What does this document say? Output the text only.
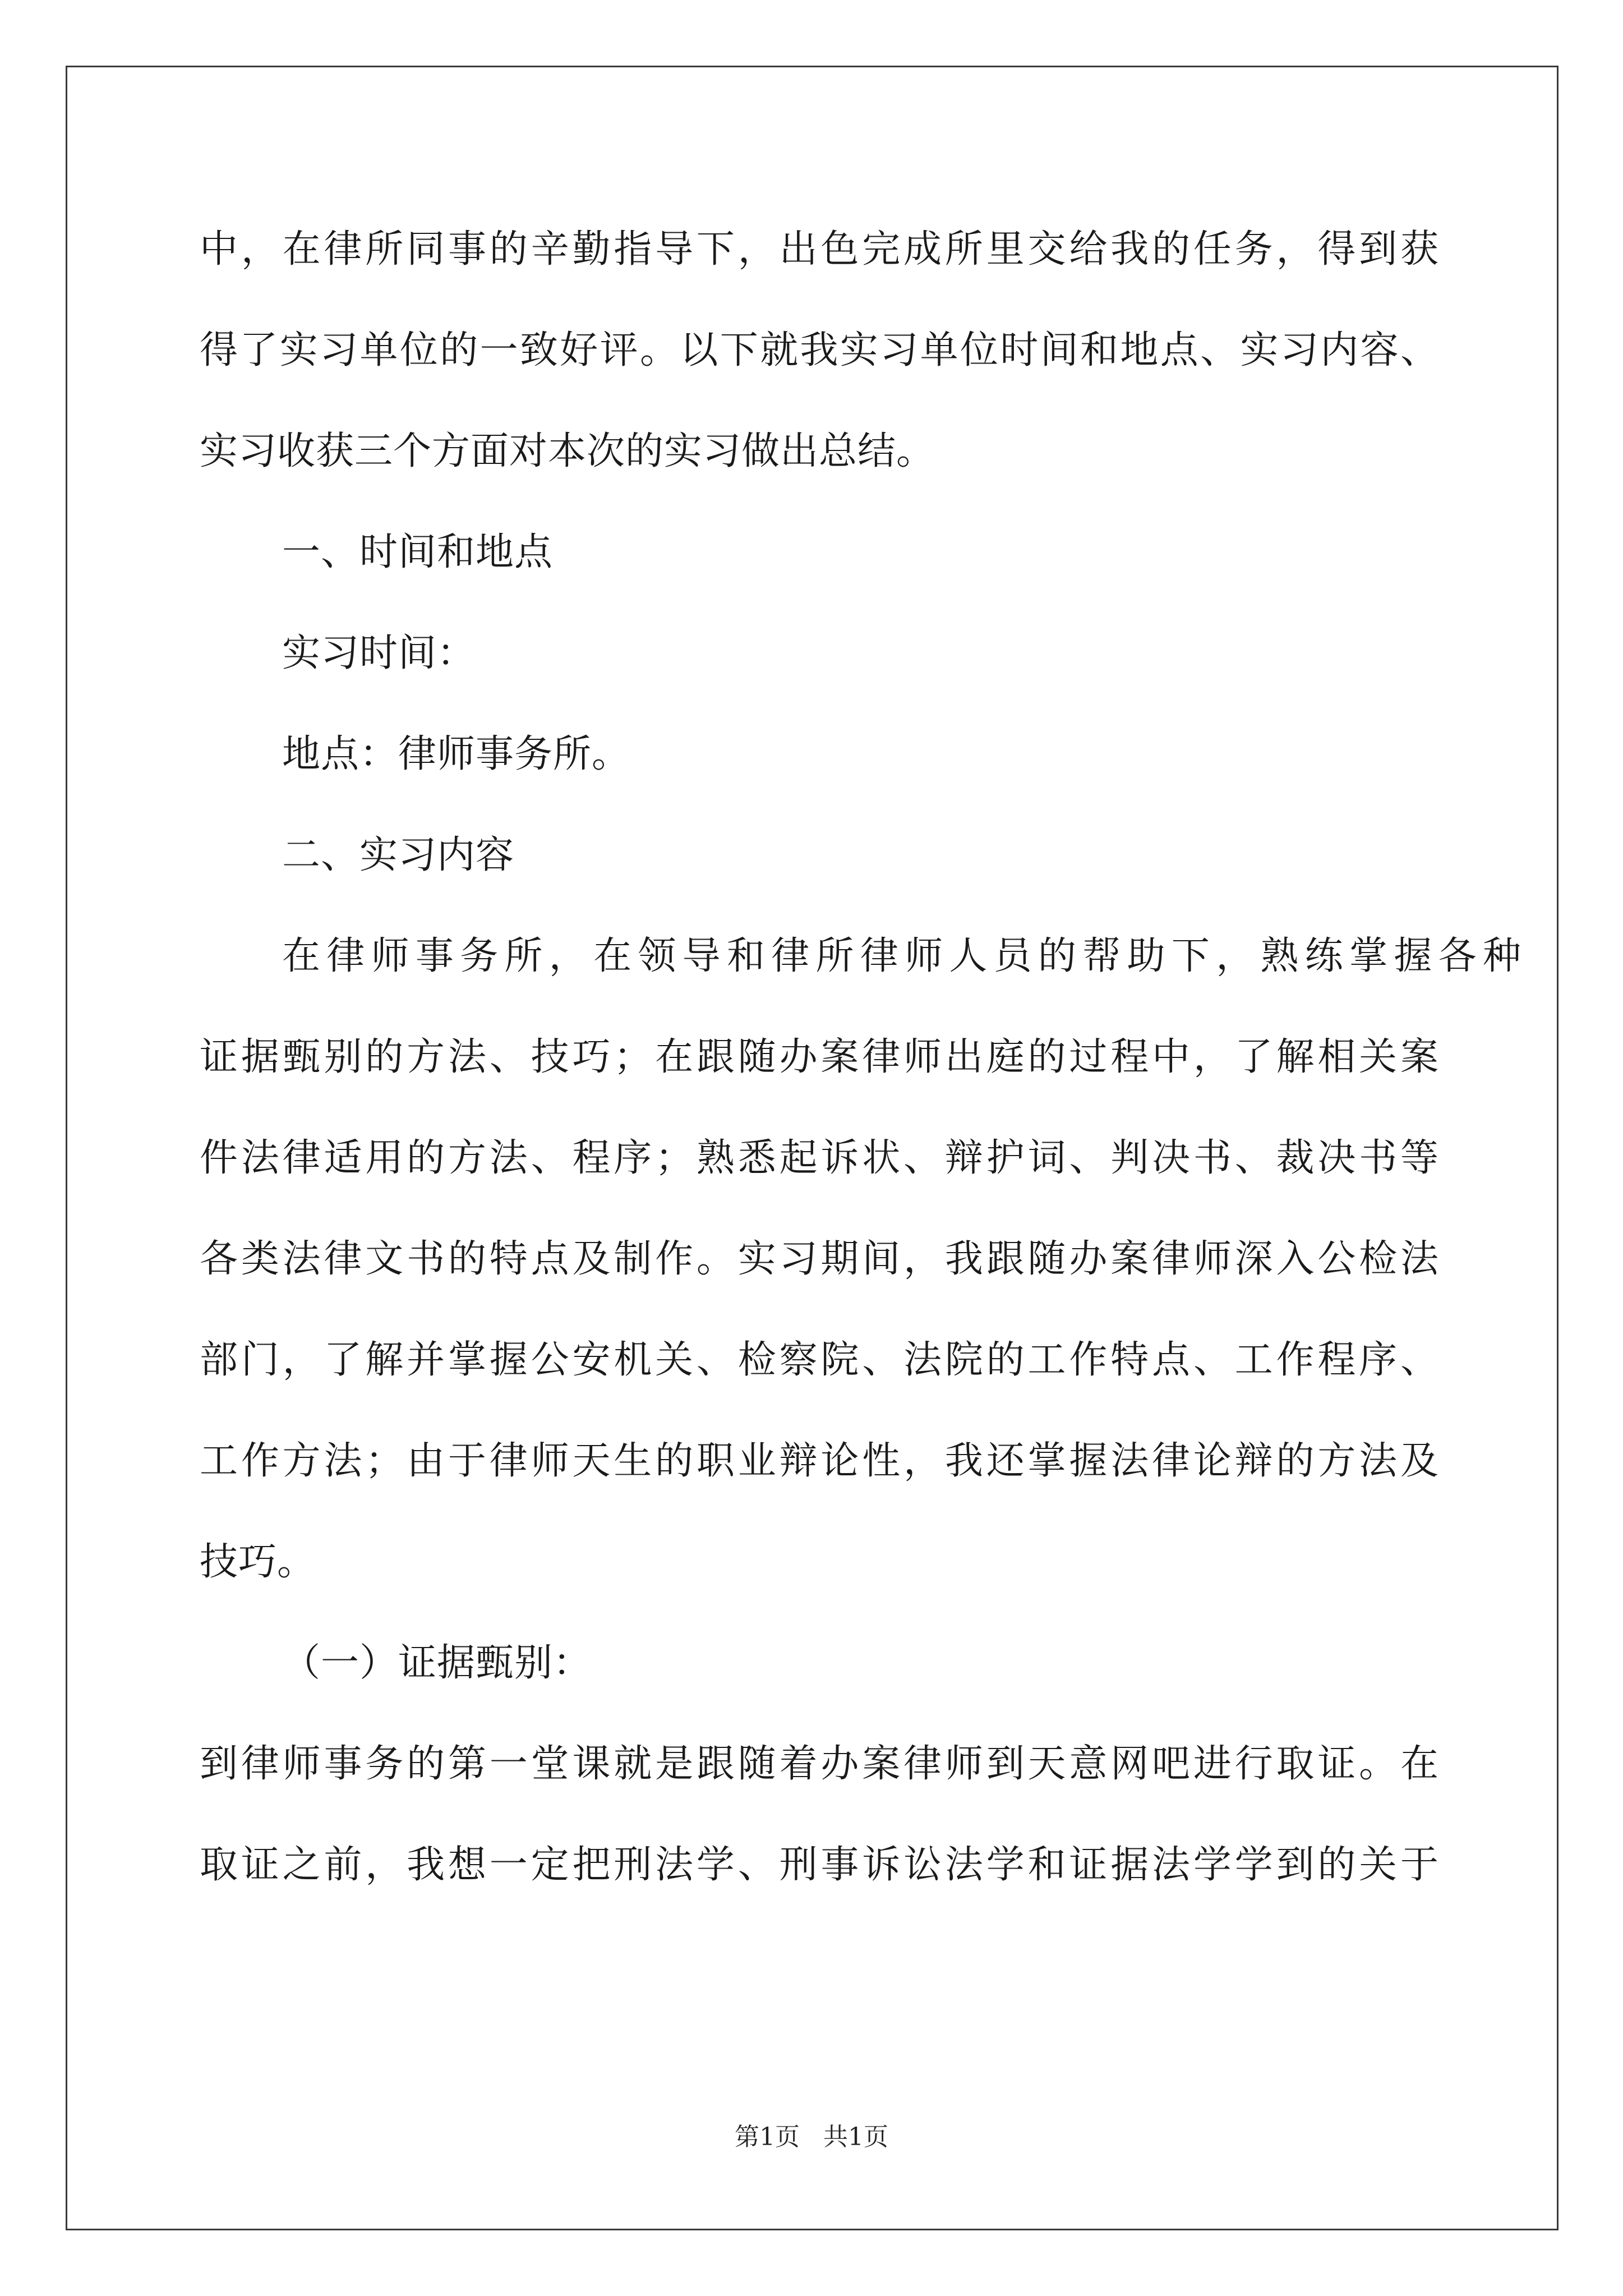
中，在律所同事的辛勤指导下，出色完成所里交给我的任务，得到获
得了实习单位的一致好评。以下就我实习单位时间和地点、实习内容、
实习收获三个方面对本次的实习做出总结。
一、时间和地点
实习时间：
地点：律师事务所。
二、实习内容
在律师事务所，在领导和律所律师人员的帮助下，熟练掌握各种
证据甄别的方法、技巧；在跟随办案律师出庭的过程中，了解相关案
件法律适用的方法、程序；熟悉起诉状、辩护词、判决书、裁决书等
各类法律文书的特点及制作。实习期间，我跟随办案律师深入公检法
部门，了解并掌握公安机关、检察院、法院的工作特点、工作程序、
工作方法；由于律师天生的职业辩论性，我还掌握法律论辩的方法及
技巧。
（一）证据甄别：
到律师事务的第一堂课就是跟随着办案律师到天意网吧进行取证。在
取证之前，我想一定把刑法学、刑事诉讼法学和证据法学学到的关于
第1页 共1页
